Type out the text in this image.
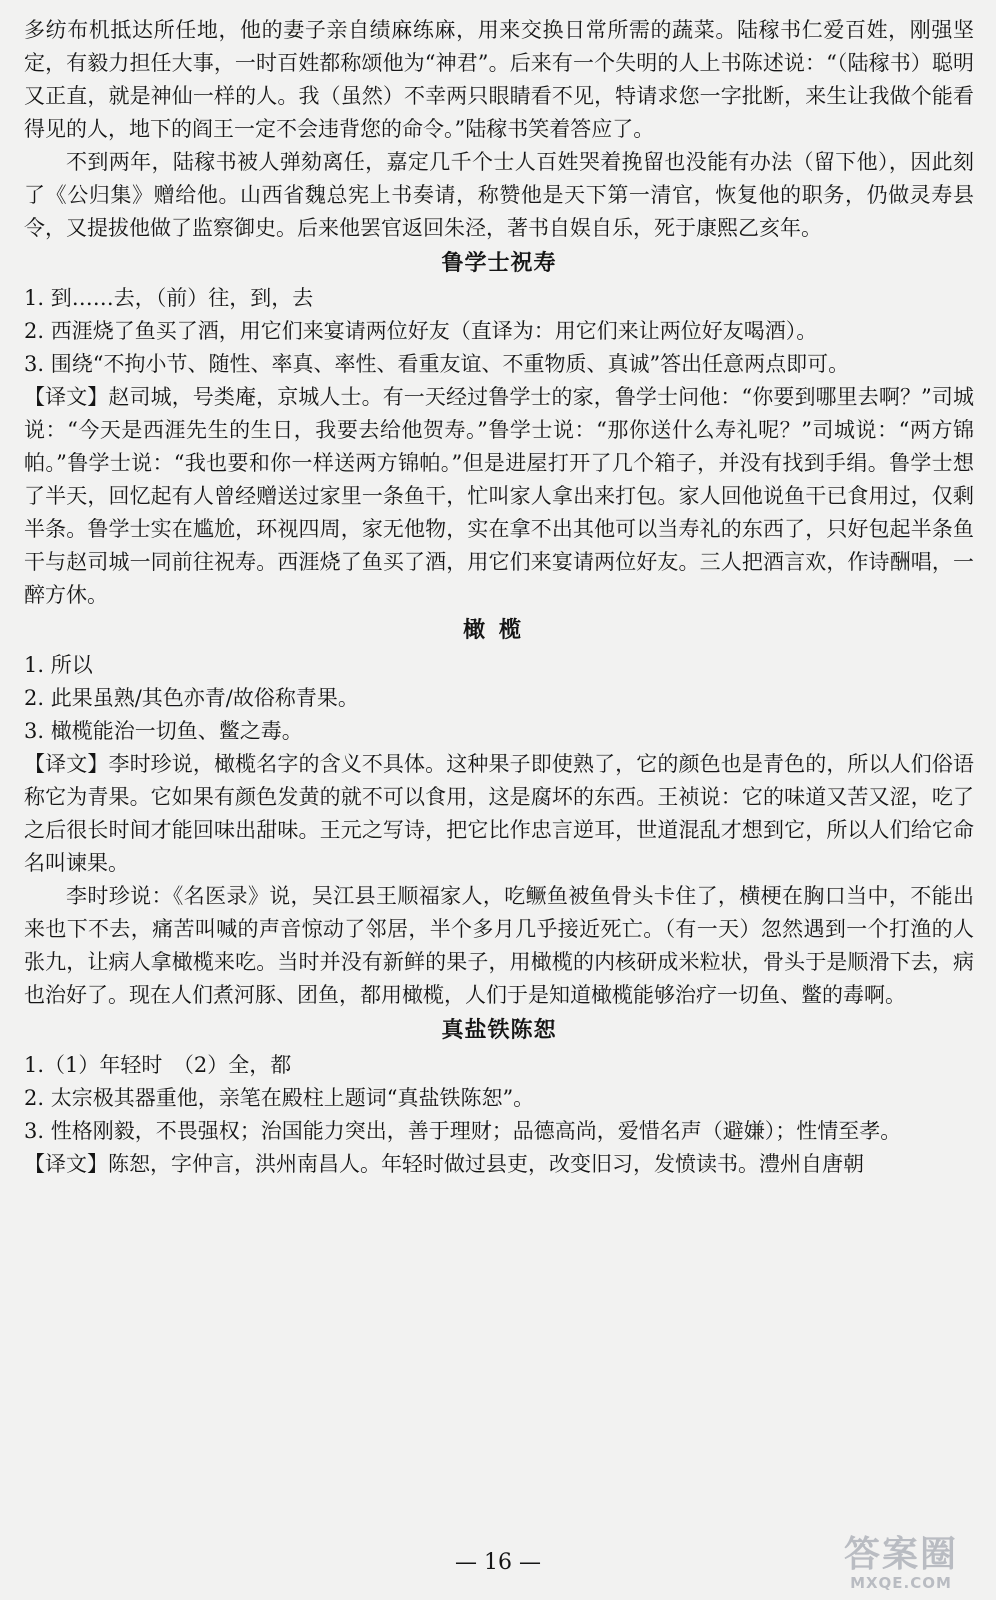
多纺布机抵达所任地，他的妻子亲自绩麻练麻，用来交换日常所需的蔬菜。陆稼书仁爱百姓，刚强坚定，有毅力担任大事，一时百姓都称颂他为“神君”。后来有一个失明的人上书陈述说：“（陆稼书）聪明又正直，就是神仙一样的人。我（虽然）不幸两只眼睛看不见，特请求您一字批断，来生让我做个能看得见的人，地下的阎王一定不会违背您的命令。”陆稼书笑着答应了。

不到两年，陆稼书被人弹劾离任，嘉定几千个士人百姓哭着挽留也没能有办法（留下他），因此刻了《公归集》赠给他。山西省魏总宪上书奏请，称赞他是天下第一清官，恢复他的职务，仍做灵寿县令，又提拔他做了监察御史。后来他罢官返回朱泾，著书自娱自乐，死于康熙乙亥年。

鲁学士祝寿

1. 到……去，（前）往，到，去

2. 西涯烧了鱼买了酒，用它们来宴请两位好友（直译为：用它们来让两位好友喝酒）。

3. 围绕“不拘小节、随性、率真、率性、看重友谊、不重物质、真诚”答出任意两点即可。

【译文】赵司城，号类庵，京城人士。有一天经过鲁学士的家，鲁学士问他：“你要到哪里去啊？”司城说：“今天是西涯先生的生日，我要去给他贺寿。”鲁学士说：“那你送什么寿礼呢？”司城说：“两方锦帕。”鲁学士说：“我也要和你一样送两方锦帕。”但是进屋打开了几个箱子，并没有找到手绢。鲁学士想了半天，回忆起有人曾经赠送过家里一条鱼干，忙叫家人拿出来打包。家人回他说鱼干已食用过，仅剩半条。鲁学士实在尴尬，环视四周，家无他物，实在拿不出其他可以当寿礼的东西了，只好包起半条鱼干与赵司城一同前往祝寿。西涯烧了鱼买了酒，用它们来宴请两位好友。三人把酒言欢，作诗酬唱，一醉方休。

橄榄

1. 所以

2. 此果虽熟/其色亦青/故俗称青果。

3. 橄榄能治一切鱼、鳖之毒。

【译文】李时珍说，橄榄名字的含义不具体。这种果子即使熟了，它的颜色也是青色的，所以人们俗语称它为青果。它如果有颜色发黄的就不可以食用，这是腐坏的东西。王祯说：它的味道又苦又涩，吃了之后很长时间才能回味出甜味。王元之写诗，把它比作忠言逆耳，世道混乱才想到它，所以人们给它命名叫谏果。

李时珍说：《名医录》说，吴江县王顺福家人，吃鳜鱼被鱼骨头卡住了，横梗在胸口当中，不能出来也下不去，痛苦叫喊的声音惊动了邻居，半个多月几乎接近死亡。（有一天）忽然遇到一个打渔的人张九，让病人拿橄榄来吃。当时并没有新鲜的果子，用橄榄的内核研成米粒状，骨头于是顺滑下去，病也治好了。现在人们煮河豚、团鱼，都用橄榄，人们于是知道橄榄能够治疗一切鱼、鳖的毒啊。

真盐铁陈恕

1.（1）年轻时　（2）全，都

2. 太宗极其器重他，亲笔在殿柱上题词“真盐铁陈恕”。

3. 性格刚毅，不畏强权；治国能力突出，善于理财；品德高尚，爱惜名声（避嫌）；性情至孝。

【译文】陈恕，字仲言，洪州南昌人。年轻时做过县吏，改变旧习，发愤读书。澧州自唐朝

— 16 —	答案圈
MXQE.COM
